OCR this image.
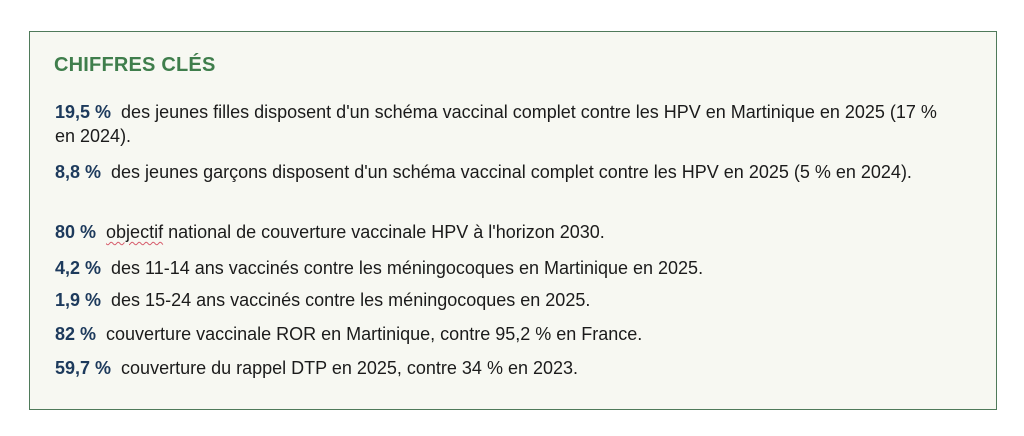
CHIFFRES CLÉS

19,5 % des jeunes filles disposent d'un schéma vaccinal complet contre les HPV en Martinique en 2025 (17 % en 2024).

8,8 % des jeunes garçons disposent d'un schéma vaccinal complet contre les HPV en 2025 (5 % en 2024).

80 % objectif national de couverture vaccinale HPV à l'horizon 2030.

4,2 % des 11-14 ans vaccinés contre les méningocoques en Martinique en 2025.

1,9 % des 15-24 ans vaccinés contre les méningocoques en 2025.

82 % couverture vaccinale ROR en Martinique, contre 95,2 % en France.

59,7 % couverture du rappel DTP en 2025, contre 34 % en 2023.
